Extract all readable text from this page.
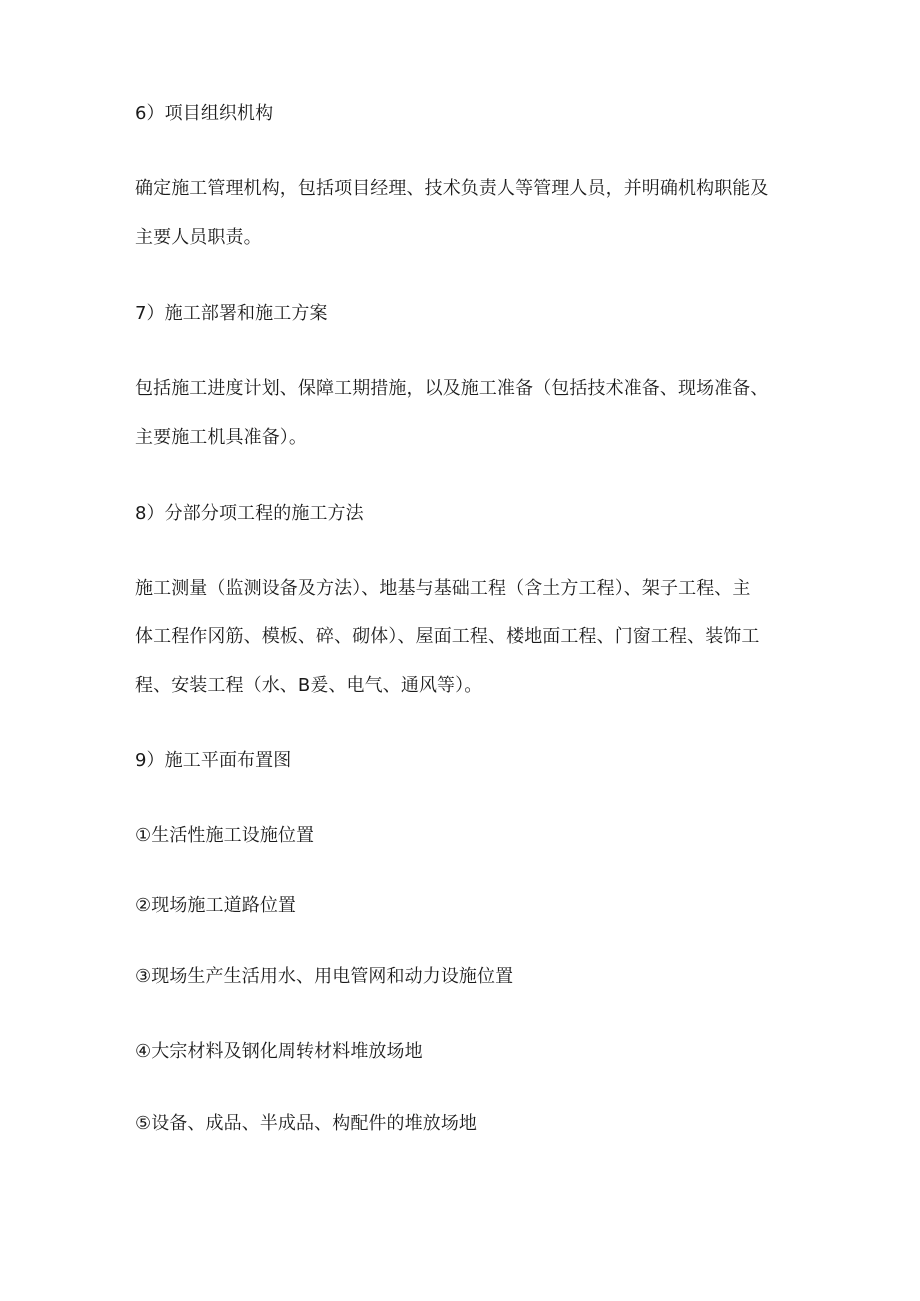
6）项目组织机构
确定施工管理机构，包括项目经理、技术负责人等管理人员，并明确机构职能及
主要人员职责。
7）施工部署和施工方案
包括施工进度计划、保障工期措施，以及施工准备（包括技术准备、现场准备、
主要施工机具准备）。
8）分部分项工程的施工方法
施工测量（监测设备及方法）、地基与基础工程（含土方工程）、架子工程、主
体工程作冈筋、模板、碎、砌体）、屋面工程、楼地面工程、门窗工程、装饰工
程、安装工程（水、B爰、电气、通风等）。
9）施工平面布置图
①生活性施工设施位置
②现场施工道路位置
③现场生产生活用水、用电管网和动力设施位置
④大宗材料及钢化周转材料堆放场地
⑤设备、成品、半成品、构配件的堆放场地
